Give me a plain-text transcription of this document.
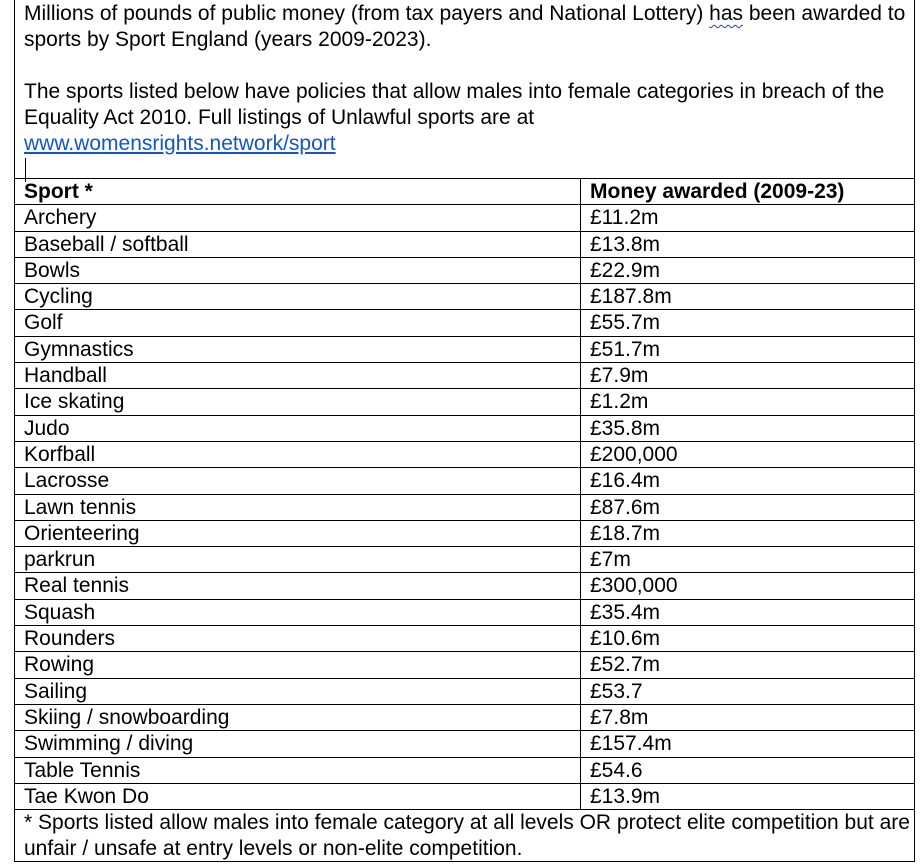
Millions of pounds of public money (from tax payers and National Lottery) has been awarded to sports by Sport England (years 2009-2023).

The sports listed below have policies that allow males into female categories in breach of the Equality Act 2010. Full listings of Unlawful sports are at
www.womensrights.network/sport

Sport *	Money awarded (2009-23)
Archery	£11.2m
Baseball / softball	£13.8m
Bowls	£22.9m
Cycling	£187.8m
Golf	£55.7m
Gymnastics	£51.7m
Handball	£7.9m
Ice skating	£1.2m
Judo	£35.8m
Korfball	£200,000
Lacrosse	£16.4m
Lawn tennis	£87.6m
Orienteering	£18.7m
parkrun	£7m
Real tennis	£300,000
Squash	£35.4m
Rounders	£10.6m
Rowing	£52.7m
Sailing	£53.7
Skiing / snowboarding	£7.8m
Swimming / diving	£157.4m
Table Tennis	£54.6
Tae Kwon Do	£13.9m
* Sports listed allow males into female category at all levels OR protect elite competition but are unfair / unsafe at entry levels or non-elite competition.
